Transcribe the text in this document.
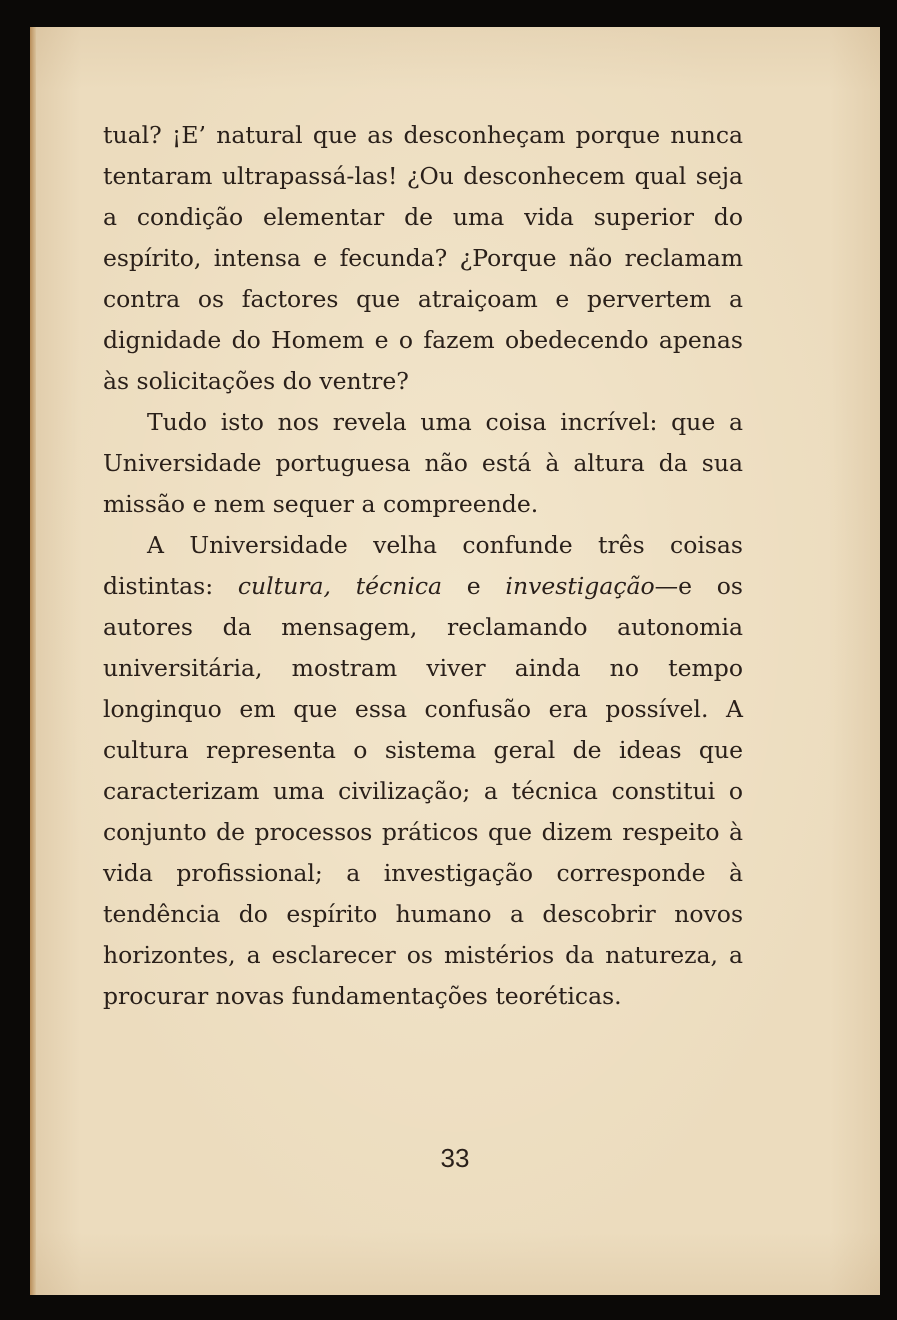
tual? ¡E’ natural que as desconheçam porque nunca tentaram ultrapassá-las! ¿Ou desconhecem qual seja a condição elementar de uma vida superior do espírito, intensa e fecunda? ¿Porque não reclamam contra os factores que atraiçoam e pervertem a dignidade do Homem e o fazem obedecendo apenas às solicitações do ventre?

Tudo isto nos revela uma coisa incrível: que a Universidade portuguesa não está à altura da sua missão e nem sequer a compreende.

A Universidade velha confunde três coisas distintas: cultura, técnica e investigação—e os autores da mensagem, reclamando autonomia universitária, mostram viver ainda no tempo longinquo em que essa confusão era possível. A cultura representa o sistema geral de ideas que caracterizam uma civilização; a técnica constitui o conjunto de processos práticos que dizem respeito à vida profissional; a investigação corresponde à tendência do espírito humano a descobrir novos horizontes, a esclarecer os mistérios da natureza, a procurar novas fundamentações teoréticas.

33
